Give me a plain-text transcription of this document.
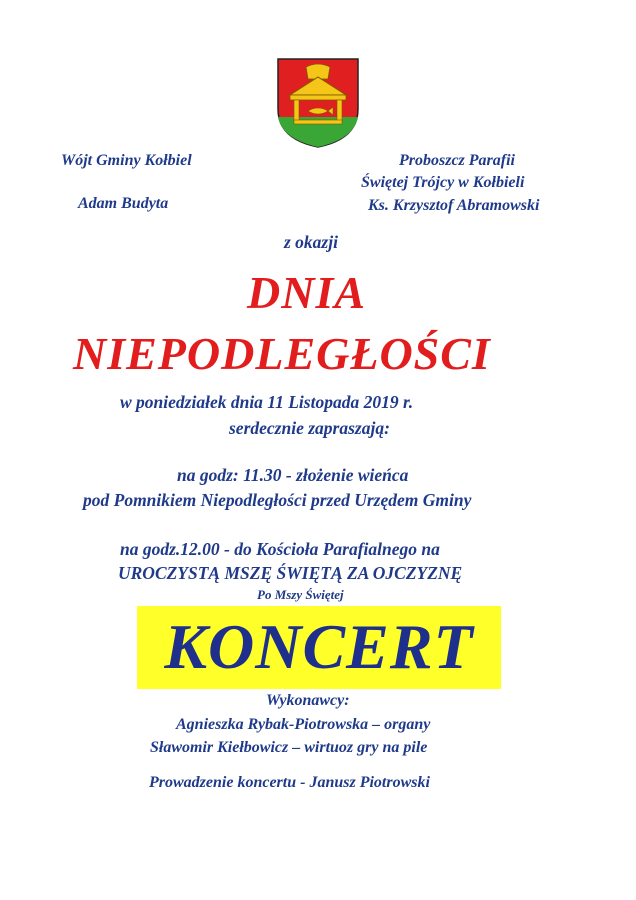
Wójt Gminy Kołbiel
Adam Budyta
Proboszcz Parafii
Świętej Trójcy w Kołbieli
Ks. Krzysztof Abramowski
z okazji
DNIA
NIEPODLEGŁOŚCI
w poniedziałek dnia 11 Listopada 2019 r.
serdecznie zapraszają:
na godz: 11.30 - złożenie wieńca
pod Pomnikiem Niepodległości przed Urzędem Gminy
na godz.12.00 - do Kościoła Parafialnego na
UROCZYSTĄ MSZĘ ŚWIĘTĄ ZA OJCZYZNĘ
Po Mszy Świętej
KONCERT
Wykonawcy:
Agnieszka Rybak-Piotrowska – organy
Sławomir Kiełbowicz – wirtuoz gry na pile
Prowadzenie koncertu - Janusz Piotrowski
